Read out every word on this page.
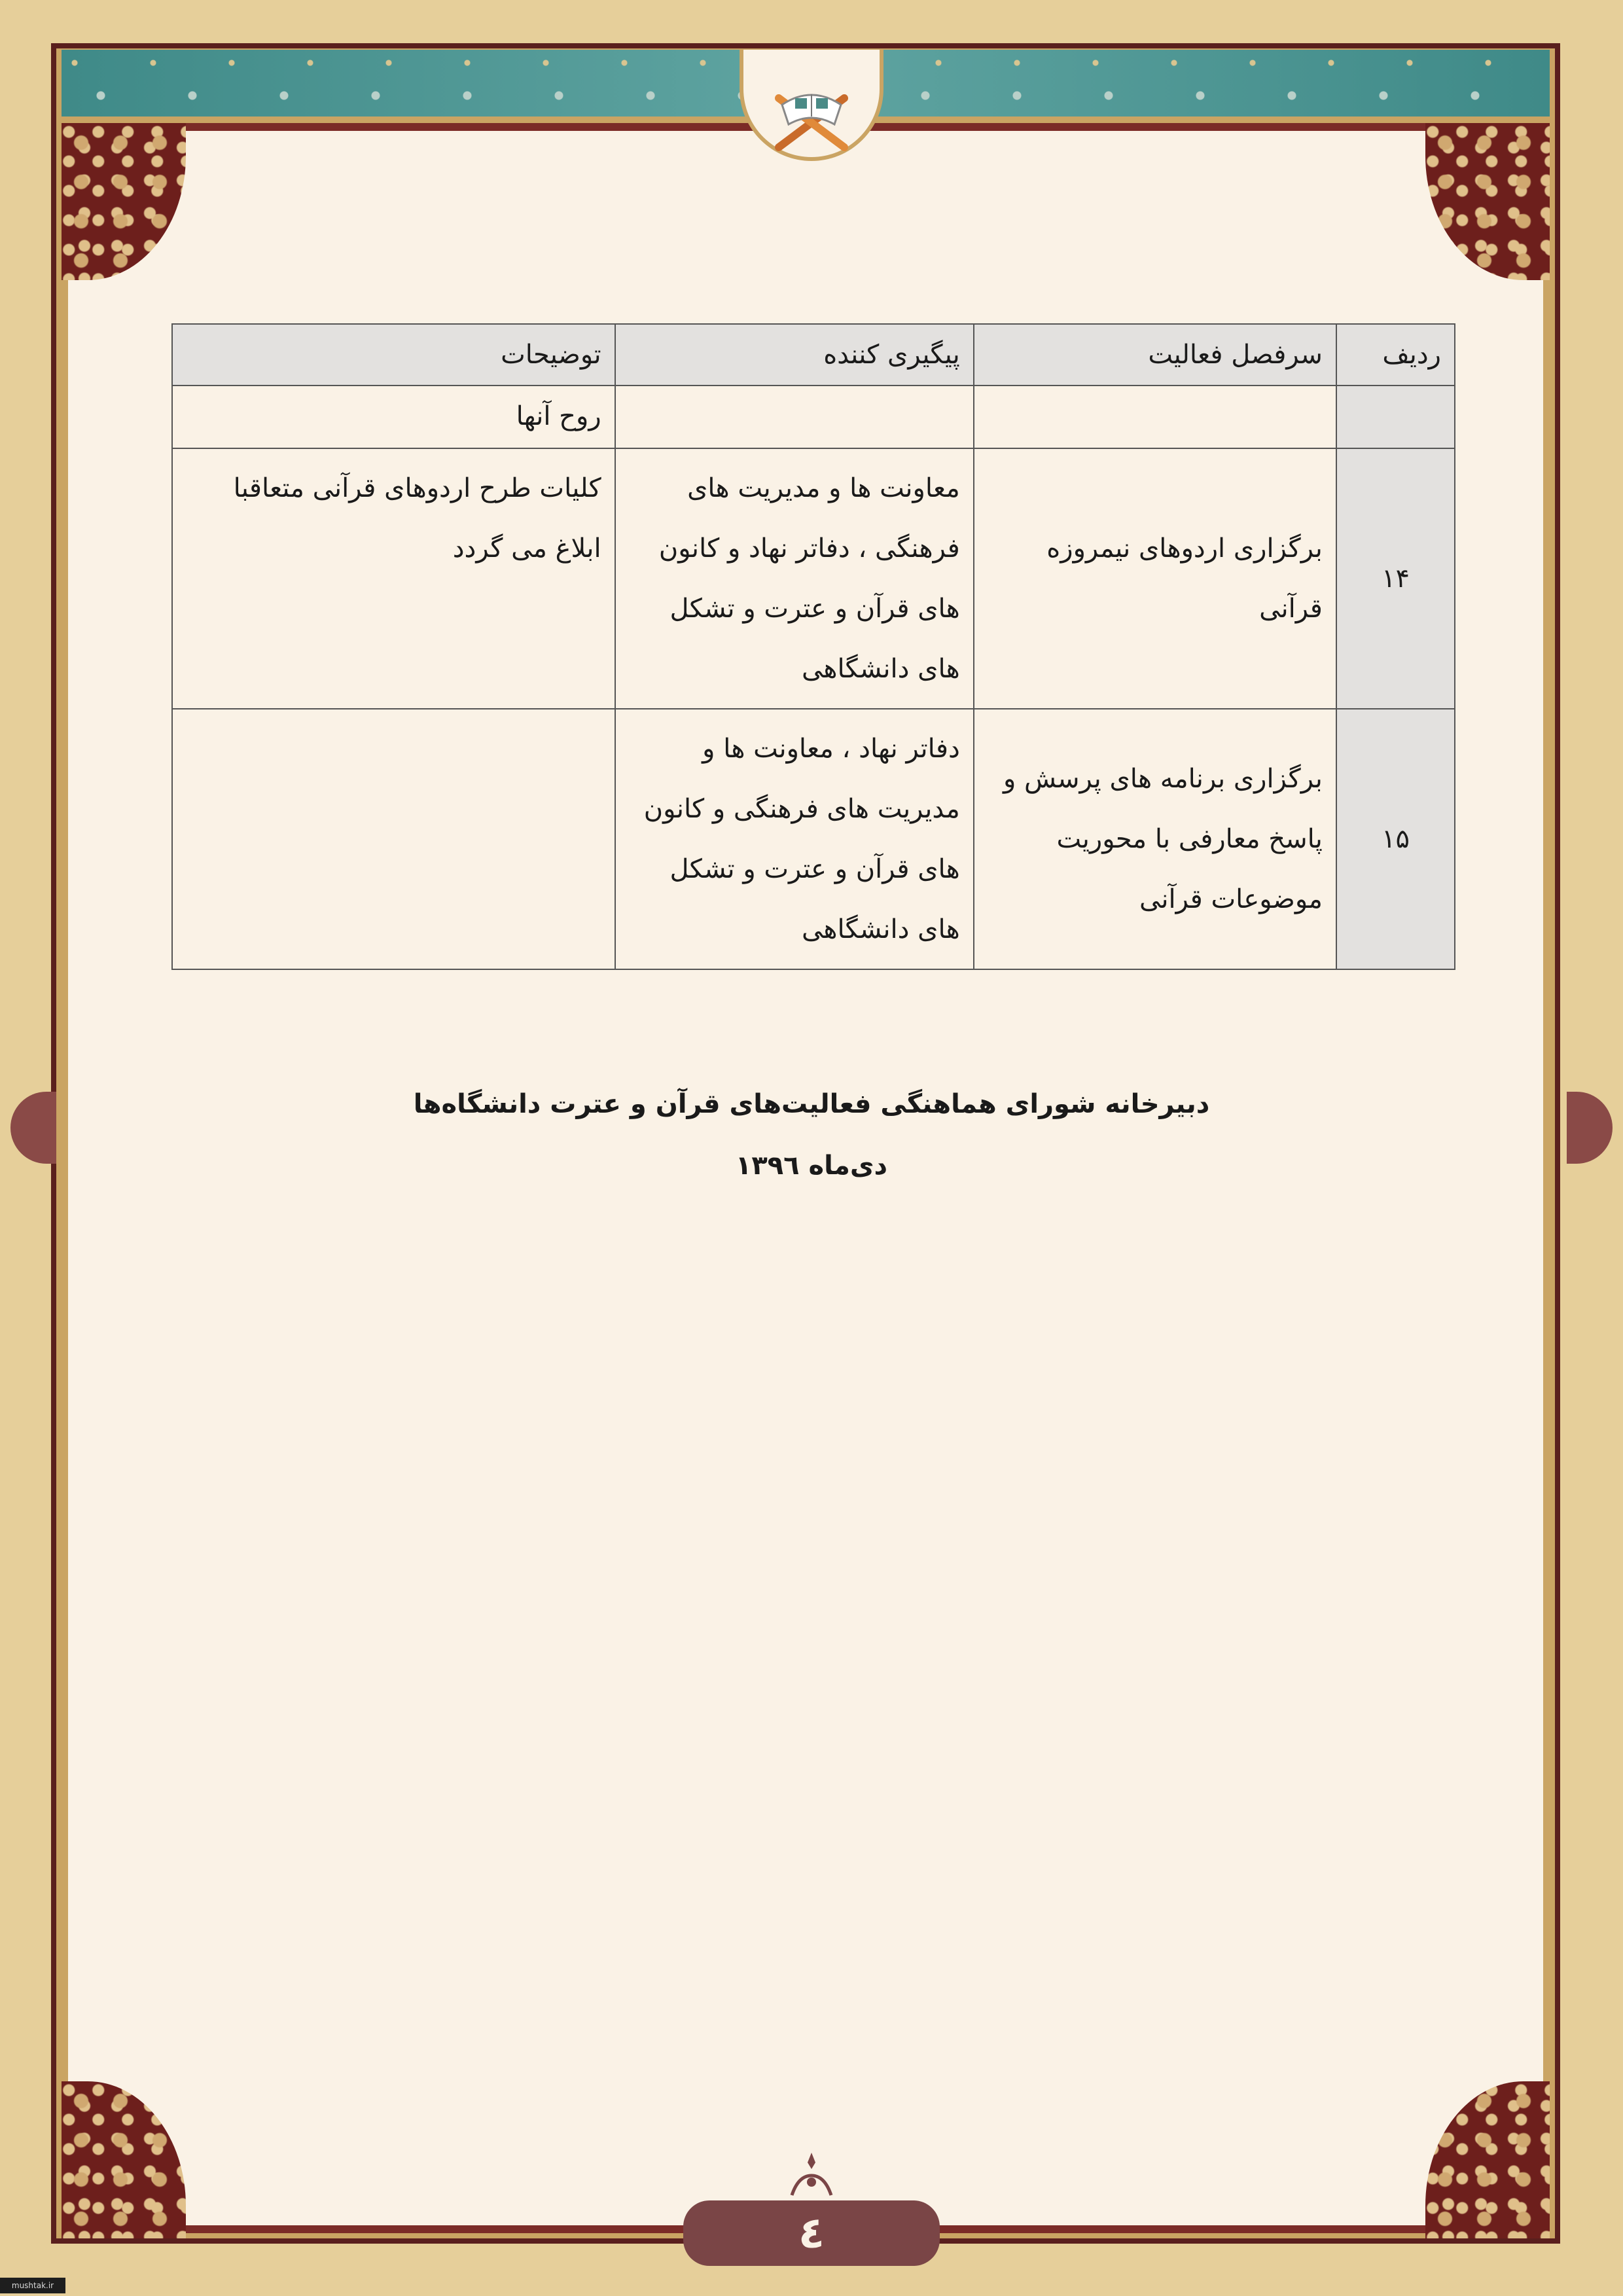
ردیف	سرفصل فعالیت	پیگیری کننده	توضیحات
			روح آنها
۱۴	برگزاری اردوهای نیمروزه قرآنی	معاونت ها و مدیریت های فرهنگی ، دفاتر نهاد و کانون های قرآن و عترت و تشکل های دانشگاهی	کلیات طرح اردوهای قرآنی متعاقبا ابلاغ می گردد
۱۵	برگزاری برنامه های پرسش و پاسخ معارفی با محوریت موضوعات قرآنی	دفاتر نهاد ، معاونت ها و مدیریت های فرهنگی و کانون های قرآن و عترت و تشکل های دانشگاهی	
دبیرخانه شورای هماهنگی فعالیت‌های قرآن و عترت دانشگاه‌ها
دی‌ماه ١٣٩٦
٤
mushtak.ir
